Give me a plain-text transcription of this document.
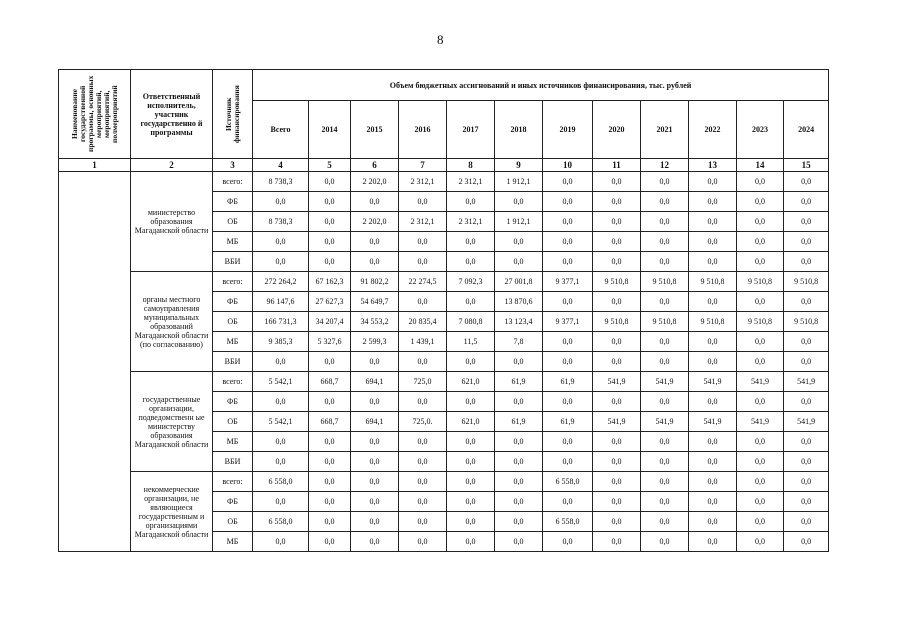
8
Наименование государственной программы, основных мероприятий, мероприятий, полмероприятий	Ответственный исполнитель, участник государственно й программы	Источник финансирования	Объем бюджетных ассигнований и иных источников финансирования, тыс. рублей											
			Всего	2014	2015	2016	2017	2018	2019	2020	2021	2022	2023	2024
1	2	3	4	5	6	7	8	9	10	11	12	13	14	15
	министерство образования Магаданской области	всего:	8 738,3	0,0	2 202,0	2 312,1	2 312,1	1 912,1	0,0	0,0	0,0	0,0	0,0	0,0
		ФБ	0,0	0,0	0,0	0,0	0,0	0,0	0,0	0,0	0,0	0,0	0,0	0,0
		ОБ	8 738,3	0,0	2 202,0	2 312,1	2 312,1	1 912,1	0,0	0,0	0,0	0,0	0,0	0,0
		МБ	0,0	0,0	0,0	0,0	0,0	0,0	0,0	0,0	0,0	0,0	0,0	0,0
		ВБИ	0,0	0,0	0,0	0,0	0,0	0,0	0,0	0,0	0,0	0,0	0,0	0,0
	органы местного самоуправления муниципальных образований Магаданской области (по согласованию)	всего:	272 264,2	67 162,3	91 802,2	22 274,5	7 092,3	27 001,8	9 377,1	9 510,8	9 510,8	9 510,8	9 510,8	9 510,8
		ФБ	96 147,6	27 627,3	54 649,7	0,0	0,0	13 870,6	0,0	0,0	0,0	0,0	0,0	0,0
		ОБ	166 731,3	34 207,4	34 553,2	20 835,4	7 080,8	13 123,4	9 377,1	9 510,8	9 510,8	9 510,8	9 510,8	9 510,8
		МБ	9 385,3	5 327,6	2 599,3	1 439,1	11,5	7,8	0,0	0,0	0,0	0,0	0,0	0,0
		ВБИ	0,0	0,0	0,0	0,0	0,0	0,0	0,0	0,0	0,0	0,0	0,0	0,0
	государственные организации, подведомственн ые министерству образования Магаданской области	всего:	5 542,1	668,7	694,1	725,0	621,0	61,9	61,9	541,9	541,9	541,9	541,9	541,9
		ФБ	0,0	0,0	0,0	0,0	0,0	0,0	0,0	0,0	0,0	0,0	0,0	0,0
		ОБ	5 542,1	668,7	694,1	725,0.	621,0	61,9	61,9	541,9	541,9	541,9	541,9	541,9
		МБ	0,0	0,0	0,0	0,0	0,0	0,0	0,0	0,0	0,0	0,0	0,0	0,0
		ВБИ	0,0	0,0	0,0	0,0	0,0	0,0	0,0	0,0	0,0	0,0	0,0	0,0
	некоммерческие организации, не являющиеся государственным и организациями Магаданской области	всего:	6 558,0	0,0	0,0	0,0	0,0	0,0	6 558,0	0,0	0,0	0,0	0,0	0,0
		ФБ	0,0	0,0	0,0	0,0	0,0	0,0	0,0	0,0	0,0	0,0	0,0	0,0
		ОБ	6 558,0	0,0	0,0	0,0	0,0	0,0	6 558,0	0,0	0,0	0,0	0,0	0,0
		МБ	0,0	0,0	0,0	0,0	0,0	0,0	0,0	0,0	0,0	0,0	0,0	0,0
